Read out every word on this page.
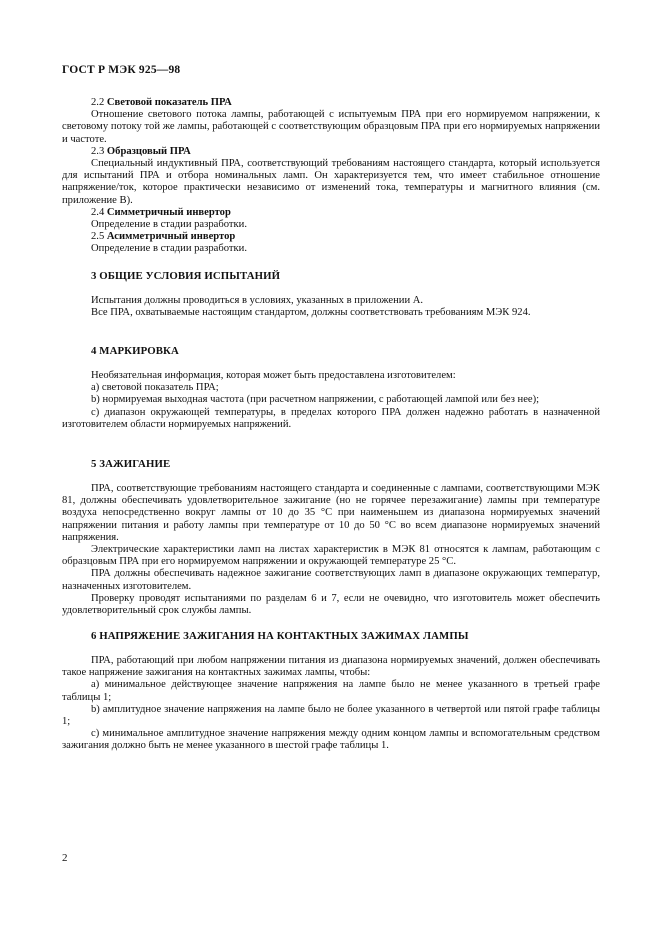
ГОСТ Р МЭК 925—98

2.2 Световой показатель ПРА

Отношение светового потока лампы, работающей с испытуемым ПРА при его нормируемом напряжении, к световому потоку той же лампы, работающей с соответствующим образцовым ПРА при его нормируемых напряжении и частоте.

2.3 Образцовый ПРА

Специальный индуктивный ПРА, соответствующий требованиям настоящего стандарта, который используется для испытаний ПРА и отбора номинальных ламп. Он характеризуется тем, что имеет стабильное отношение напряжение/ток, которое практически независимо от изменений тока, температуры и магнитного влияния (см. приложение В).

2.4 Симметричный инвертор

Определение в стадии разработки.

2.5 Асимметричный инвертор

Определение в стадии разработки.

3 ОБЩИЕ УСЛОВИЯ ИСПЫТАНИЙ

Испытания должны проводиться в условиях, указанных в приложении А.

Все ПРА, охватываемые настоящим стандартом, должны соответствовать требованиям МЭК 924.

4 МАРКИРОВКА

Необязательная информация, которая может быть предоставлена изготовителем:

а) световой показатель ПРА;

b) нормируемая выходная частота (при расчетном напряжении, с работающей лампой или без нее);

с) диапазон окружающей температуры, в пределах которого ПРА должен надежно работать в назначенной изготовителем области нормируемых напряжений.

5 ЗАЖИГАНИЕ

ПРА, соответствующие требованиям настоящего стандарта и соединенные с лампами, соответствующими МЭК 81, должны обеспечивать удовлетворительное зажигание (но не горячее перезажигание) лампы при температуре воздуха непосредственно вокруг лампы от 10 до 35 °С при наименьшем из диапазона нормируемых значений напряжении питания и работу лампы при температуре от 10 до 50 °С во всем диапазоне нормируемых значений напряжения.

Электрические характеристики ламп на листах характеристик в МЭК 81 относятся к лампам, работающим с образцовым ПРА при его нормируемом напряжении и окружающей температуре 25 °С.

ПРА должны обеспечивать надежное зажигание соответствующих ламп в диапазоне окружающих температур, назначенных изготовителем.

Проверку проводят испытаниями по разделам 6 и 7, если не очевидно, что изготовитель может обеспечить удовлетворительный срок службы лампы.

6 НАПРЯЖЕНИЕ ЗАЖИГАНИЯ НА КОНТАКТНЫХ ЗАЖИМАХ ЛАМПЫ

ПРА, работающий при любом напряжении питания из диапазона нормируемых значений, должен обеспечивать такое напряжение зажигания на контактных зажимах лампы, чтобы:

а) минимальное действующее значение напряжения на лампе было не менее указанного в третьей графе таблицы 1;

b) амплитудное значение напряжения на лампе было не более указанного в четвертой или пятой графе таблицы 1;

с) минимальное амплитудное значение напряжения между одним концом лампы и вспомогательным средством зажигания должно быть не менее указанного в шестой графе таблицы 1.

2
